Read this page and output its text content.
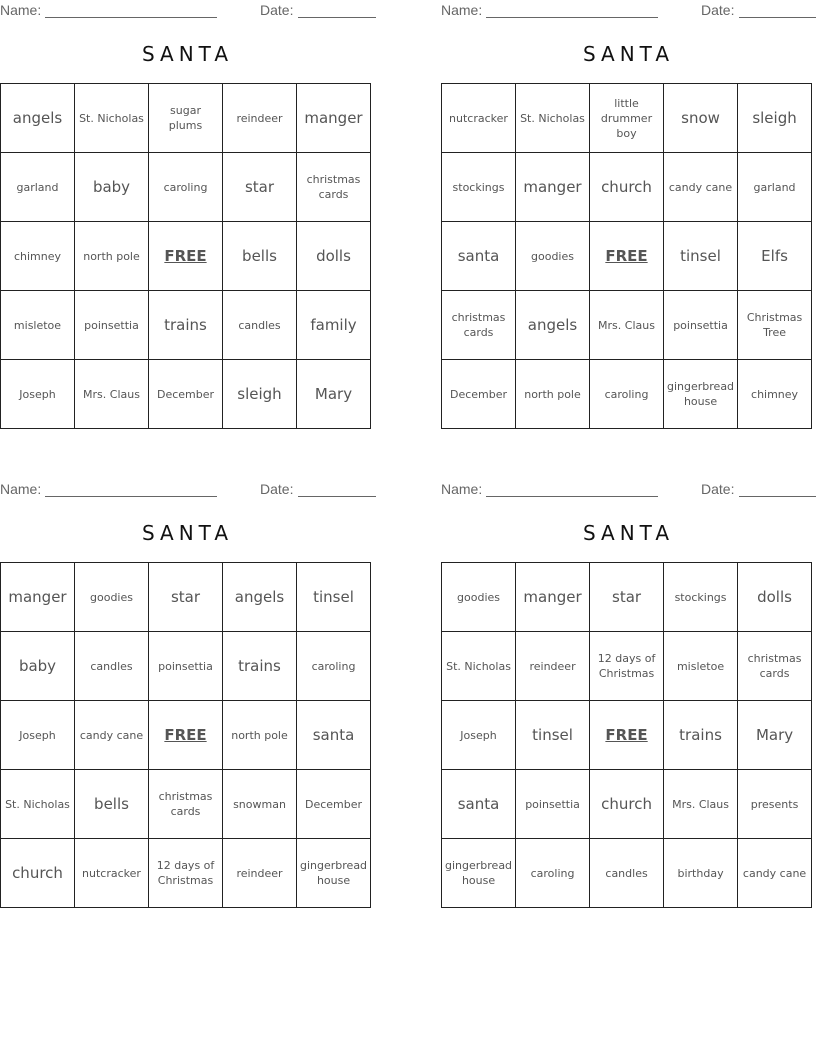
Name:	Date:
SANTA
angels	St. Nicholas	sugar plums	reindeer	manger
garland	baby	caroling	star	christmas cards
chimney	north pole	FREE	bells	dolls
misletoe	poinsettia	trains	candles	family
Joseph	Mrs. Claus	December	sleigh	Mary
Name:	Date:
SANTA
nutcracker	St. Nicholas	little drummer boy	snow	sleigh
stockings	manger	church	candy cane	garland
santa	goodies	FREE	tinsel	Elfs
christmas cards	angels	Mrs. Claus	poinsettia	Christmas Tree
December	north pole	caroling	gingerbread house	chimney
Name:	Date:
SANTA
manger	goodies	star	angels	tinsel
baby	candles	poinsettia	trains	caroling
Joseph	candy cane	FREE	north pole	santa
St. Nicholas	bells	christmas cards	snowman	December
church	nutcracker	12 days of Christmas	reindeer	gingerbread house
Name:	Date:
SANTA
goodies	manger	star	stockings	dolls
St. Nicholas	reindeer	12 days of Christmas	misletoe	christmas cards
Joseph	tinsel	FREE	trains	Mary
santa	poinsettia	church	Mrs. Claus	presents
gingerbread house	caroling	candles	birthday	candy cane
